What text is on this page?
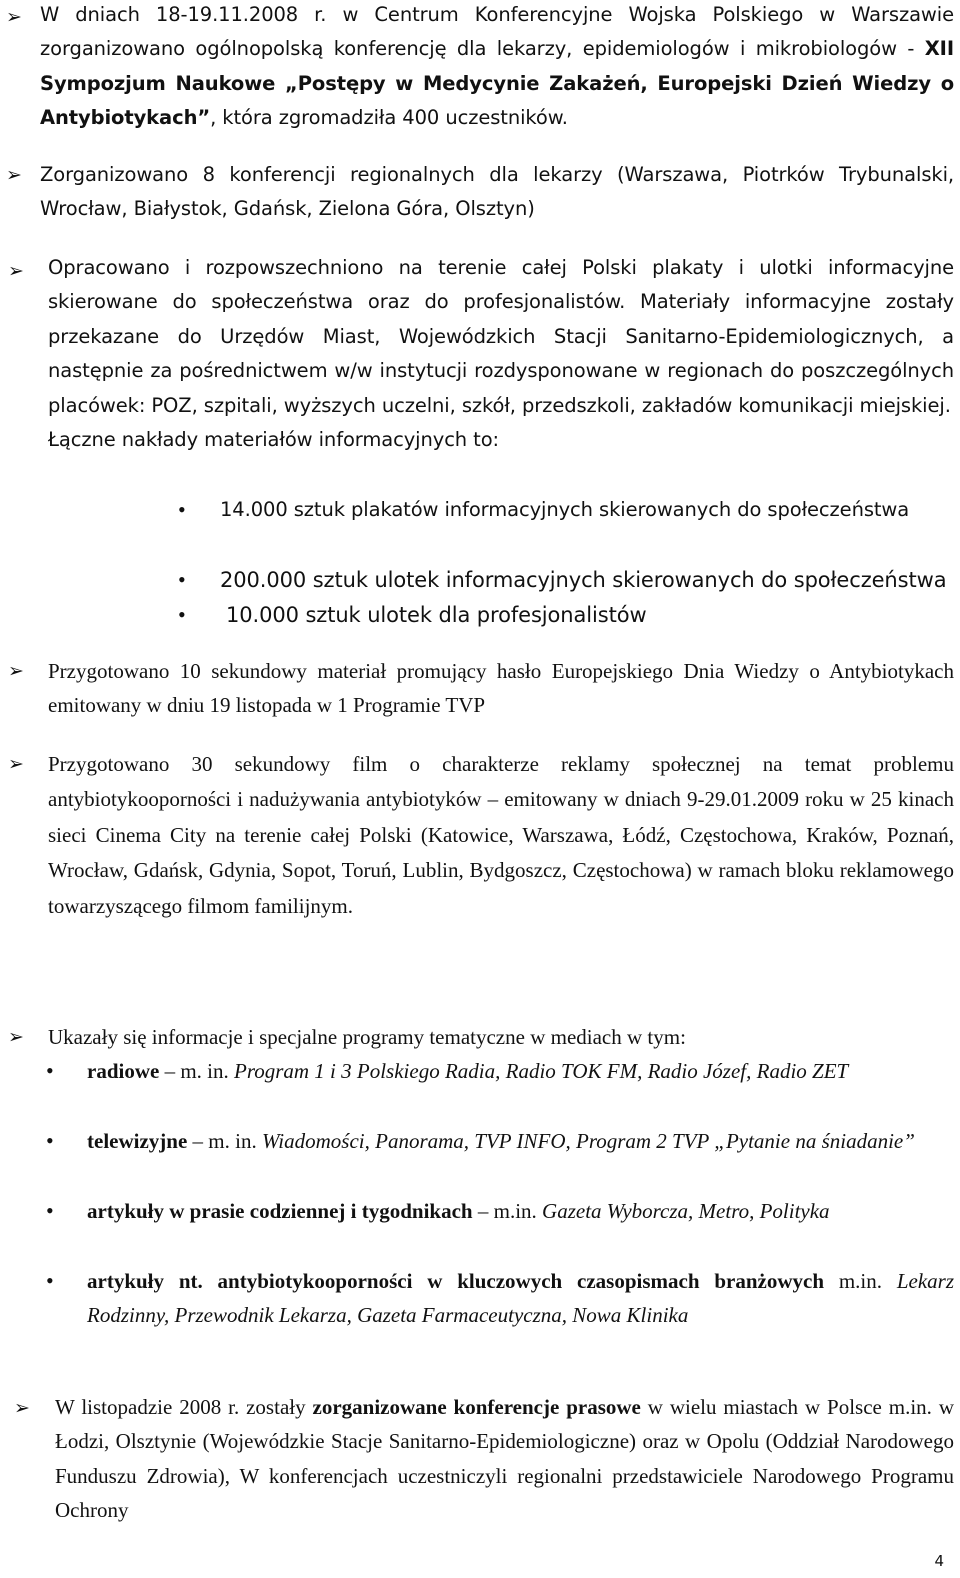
➢ W dniach 18-19.11.2008 r. w Centrum Konferencyjne Wojska Polskiego w Warszawie zorganizowano ogólnopolską konferencję dla lekarzy, epidemiologów i mikrobiologów - XII Sympozjum Naukowe „Postępy w Medycynie Zakażeń, Europejski Dzień Wiedzy o Antybiotykach”, która zgromadziła 400 uczestników.
➢ Zorganizowano 8 konferencji regionalnych dla lekarzy (Warszawa, Piotrków Trybunalski, Wrocław, Białystok, Gdańsk, Zielona Góra, Olsztyn)
➢ Opracowano i rozpowszechniono na terenie całej Polski plakaty i ulotki informacyjne skierowane do społeczeństwa oraz do profesjonalistów. Materiały informacyjne zostały przekazane do Urzędów Miast, Wojewódzkich Stacji Sanitarno-Epidemiologicznych, a następnie za pośrednictwem w/w instytucji rozdysponowane w regionach do poszczególnych placówek: POZ, szpitali, wyższych uczelni, szkół, przedszkoli, zakładów komunikacji miejskiej.
Łączne nakłady materiałów informacyjnych to:
• 14.000 sztuk plakatów informacyjnych skierowanych do społeczeństwa
• 200.000 sztuk ulotek informacyjnych skierowanych do społeczeństwa
• 10.000 sztuk ulotek dla profesjonalistów
➢ Przygotowano 10 sekundowy materiał promujący hasło Europejskiego Dnia Wiedzy o Antybiotykach emitowany w dniu 19 listopada w 1 Programie TVP
➢ Przygotowano 30 sekundowy film o charakterze reklamy społecznej na temat problemu antybiotykooporności i nadużywania antybiotyków – emitowany w dniach 9-29.01.2009 roku w 25 kinach sieci Cinema City na terenie całej Polski (Katowice, Warszawa, Łódź, Częstochowa, Kraków, Poznań, Wrocław, Gdańsk, Gdynia, Sopot, Toruń, Lublin, Bydgoszcz, Częstochowa) w ramach bloku reklamowego towarzyszącego filmom familijnym.
➢ Ukazały się informacje i specjalne programy tematyczne w mediach w tym:
• radiowe – m. in. Program 1 i 3 Polskiego Radia, Radio TOK FM, Radio Józef, Radio ZET
• telewizyjne – m. in. Wiadomości, Panorama, TVP INFO, Program 2 TVP „Pytanie na śniadanie”
• artykuły w prasie codziennej i tygodnikach – m.in. Gazeta Wyborcza, Metro, Polityka
• artykuły nt. antybiotykooporności w kluczowych czasopismach branżowych m.in. Lekarz Rodzinny, Przewodnik Lekarza, Gazeta Farmaceutyczna, Nowa Klinika
➢ W listopadzie 2008 r. zostały zorganizowane konferencje prasowe w wielu miastach w Polsce m.in. w Łodzi, Olsztynie (Wojewódzkie Stacje Sanitarno-Epidemiologiczne) oraz w Opolu (Oddział Narodowego Funduszu Zdrowia), W konferencjach uczestniczyli regionalni przedstawiciele Narodowego Programu Ochrony
4
